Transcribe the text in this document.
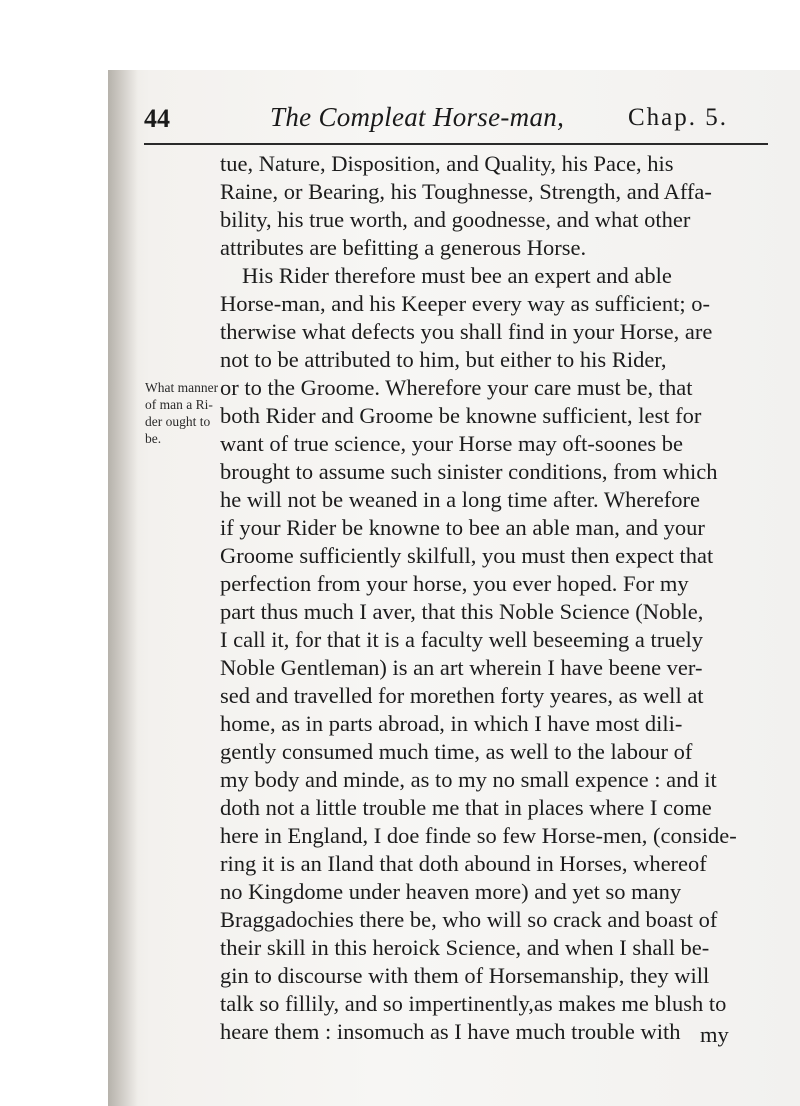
44	The Compleat Horse-man,	Chap. 5.
What manner
of man a Ri-
der ought to
be.
tue, Nature, Disposition, and Quality, his Pace, his
Raine, or Bearing, his Toughnesse, Strength, and Affa-
bility, his true worth, and goodnesse, and what other
attributes are befitting a generous Horse.
His Rider therefore must bee an expert and able
Horse-man, and his Keeper every way as sufficient; o-
therwise what defects you shall find in your Horse, are
not to be attributed to him, but either to his Rider,
or to the Groome. Wherefore your care must be, that
both Rider and Groome be knowne sufficient, lest for
want of true science, your Horse may oft-soones be
brought to assume such sinister conditions, from which
he will not be weaned in a long time after. Wherefore
if your Rider be knowne to bee an able man, and your
Groome sufficiently skilfull, you must then expect that
perfection from your horse, you ever hoped. For my
part thus much I aver, that this Noble Science (Noble,
I call it, for that it is a faculty well beseeming a truely
Noble Gentleman) is an art wherein I have beene ver-
sed and travelled for morethen forty yeares, as well at
home, as in parts abroad, in which I have most dili-
gently consumed much time, as well to the labour of
my body and minde, as to my no small expence : and it
doth not a little trouble me that in places where I come
here in England, I doe finde so few Horse-men, (conside-
ring it is an Iland that doth abound in Horses, whereof
no Kingdome under heaven more) and yet so many
Braggadochies there be, who will so crack and boast of
their skill in this heroick Science, and when I shall be-
gin to discourse with them of Horsemanship, they will
talk so fillily, and so impertinently,as makes me blush to
heare them : insomuch as I have much trouble with my
